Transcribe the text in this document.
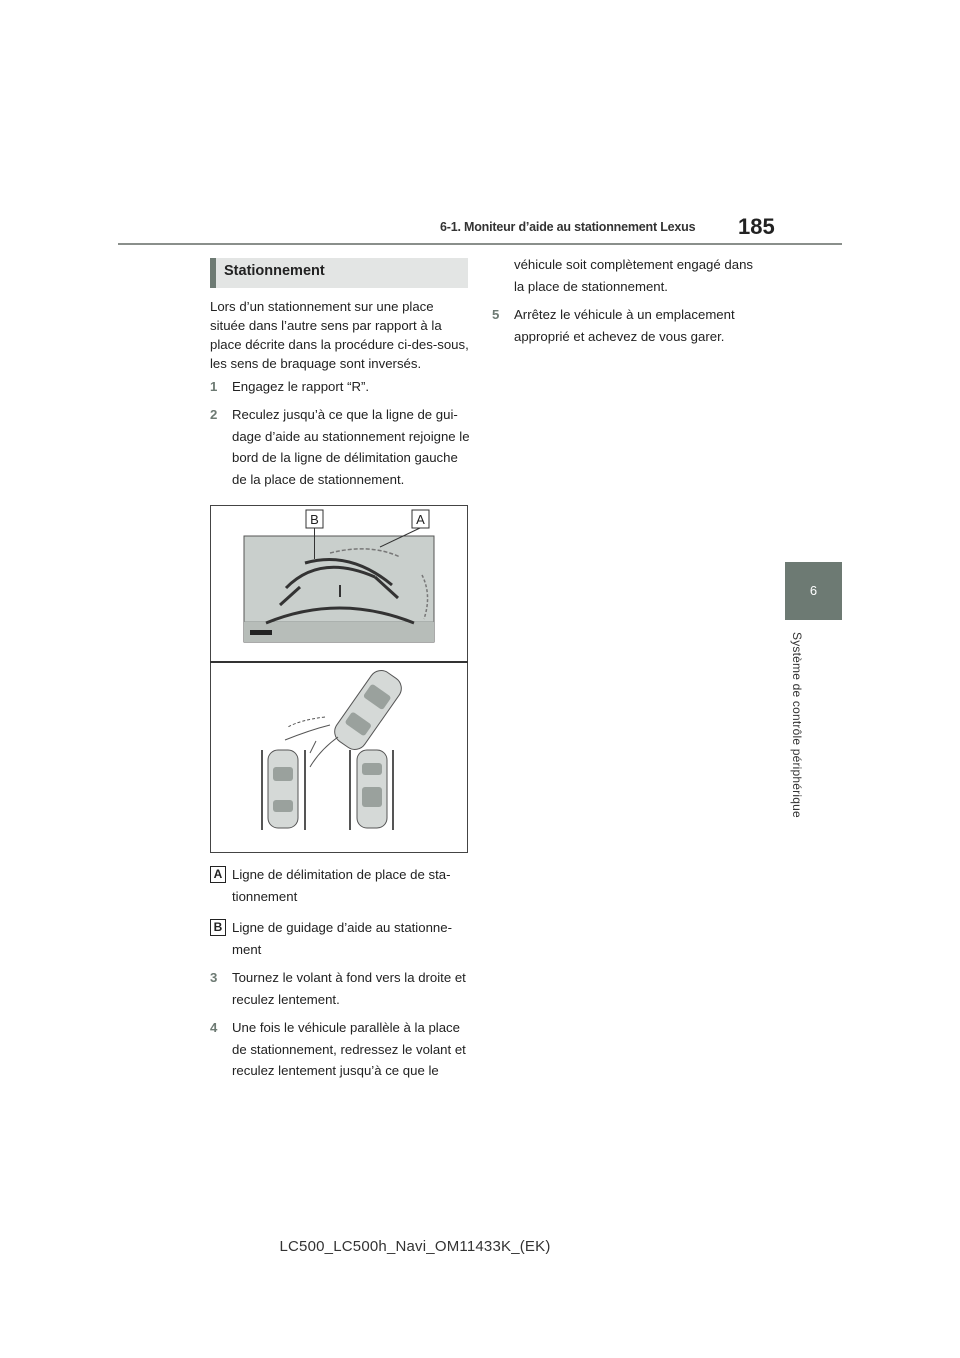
6-1. Moniteur d’aide au stationnement Lexus 185
6
Système de contrôle périphérique
Stationnement
Lors d’un stationnement sur une place située dans l’autre sens par rapport à la place décrite dans la procédure ci-des-sous, les sens de braquage sont inversés.
1	Engagez le rapport “R”.
2	Reculez jusqu’à ce que la ligne de gui-dage d’aide au stationnement rejoigne le bord de la ligne de délimitation gauche de la place de stationnement.
B	A
A Ligne de délimitation de place de sta-tionnement
B Ligne de guidage d’aide au stationne-ment
3	Tournez le volant à fond vers la droite et reculez lentement.
4	Une fois le véhicule parallèle à la place de stationnement, redressez le volant et reculez lentement jusqu’à ce que le
véhicule soit complètement engagé dans la place de stationnement.
5	Arrêtez le véhicule à un emplacement approprié et achevez de vous garer.
LC500_LC500h_Navi_OM11433K_(EK)
